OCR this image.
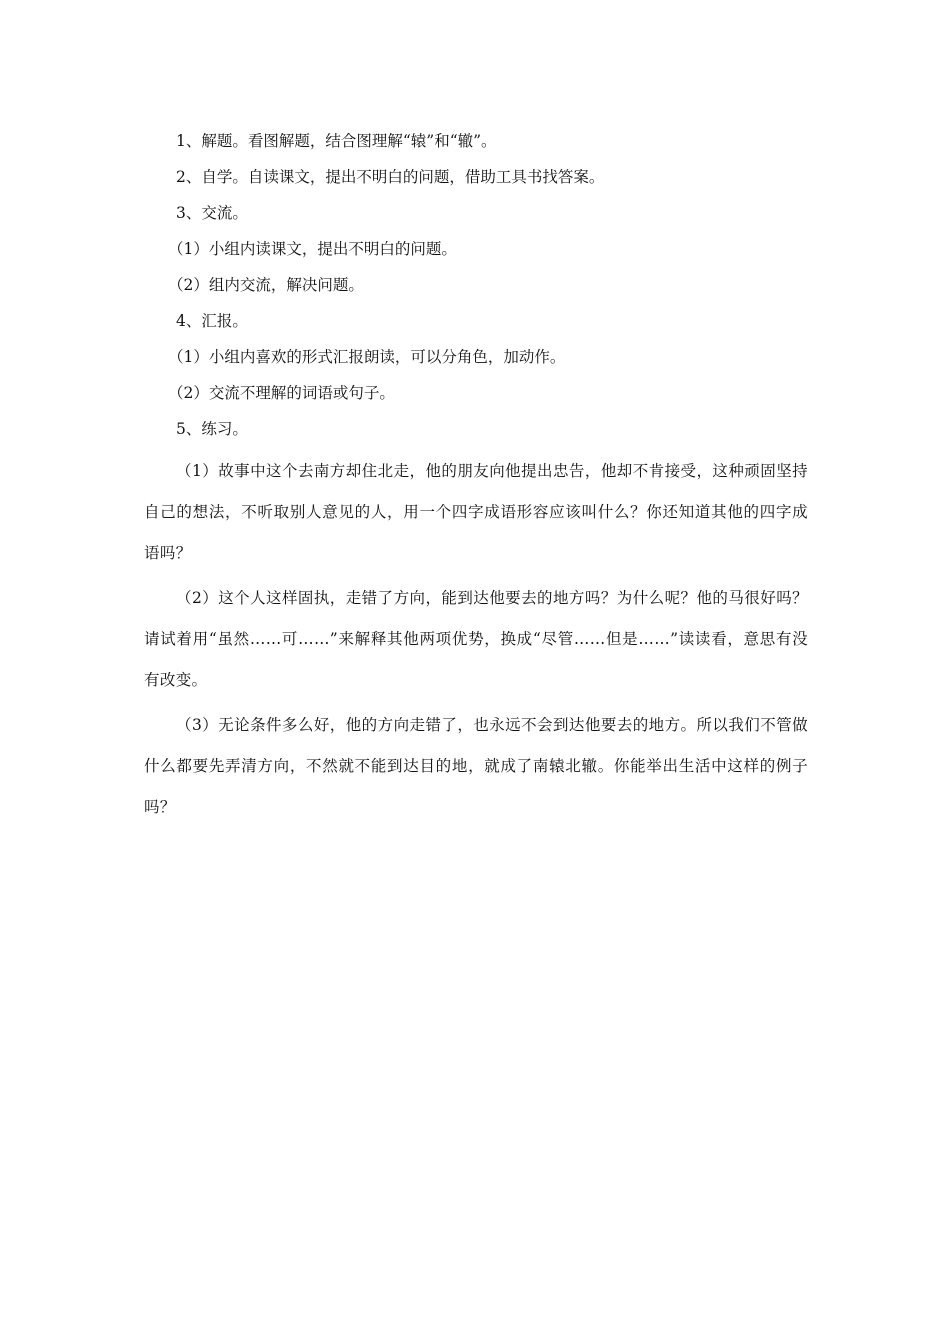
1、解题。看图解题，结合图理解“辕”和“辙”。

2、自学。自读课文，提出不明白的问题，借助工具书找答案。

3、交流。

（1）小组内读课文，提出不明白的问题。

（2）组内交流，解决问题。

4、汇报。

（1）小组内喜欢的形式汇报朗读，可以分角色，加动作。

（2）交流不理解的词语或句子。

5、练习。

（1）故事中这个去南方却住北走，他的朋友向他提出忠告，他却不肯接受，这种顽固坚持自己的想法，不听取别人意见的人，用一个四字成语形容应该叫什么？你还知道其他的四字成语吗？

（2）这个人这样固执，走错了方向，能到达他要去的地方吗？为什么呢？他的马很好吗？请试着用“虽然……可……”来解释其他两项优势，换成“尽管……但是……”读读看，意思有没有改变。

（3）无论条件多么好，他的方向走错了，也永远不会到达他要去的地方。所以我们不管做什么都要先弄清方向，不然就不能到达目的地，就成了南辕北辙。你能举出生活中这样的例子吗？
